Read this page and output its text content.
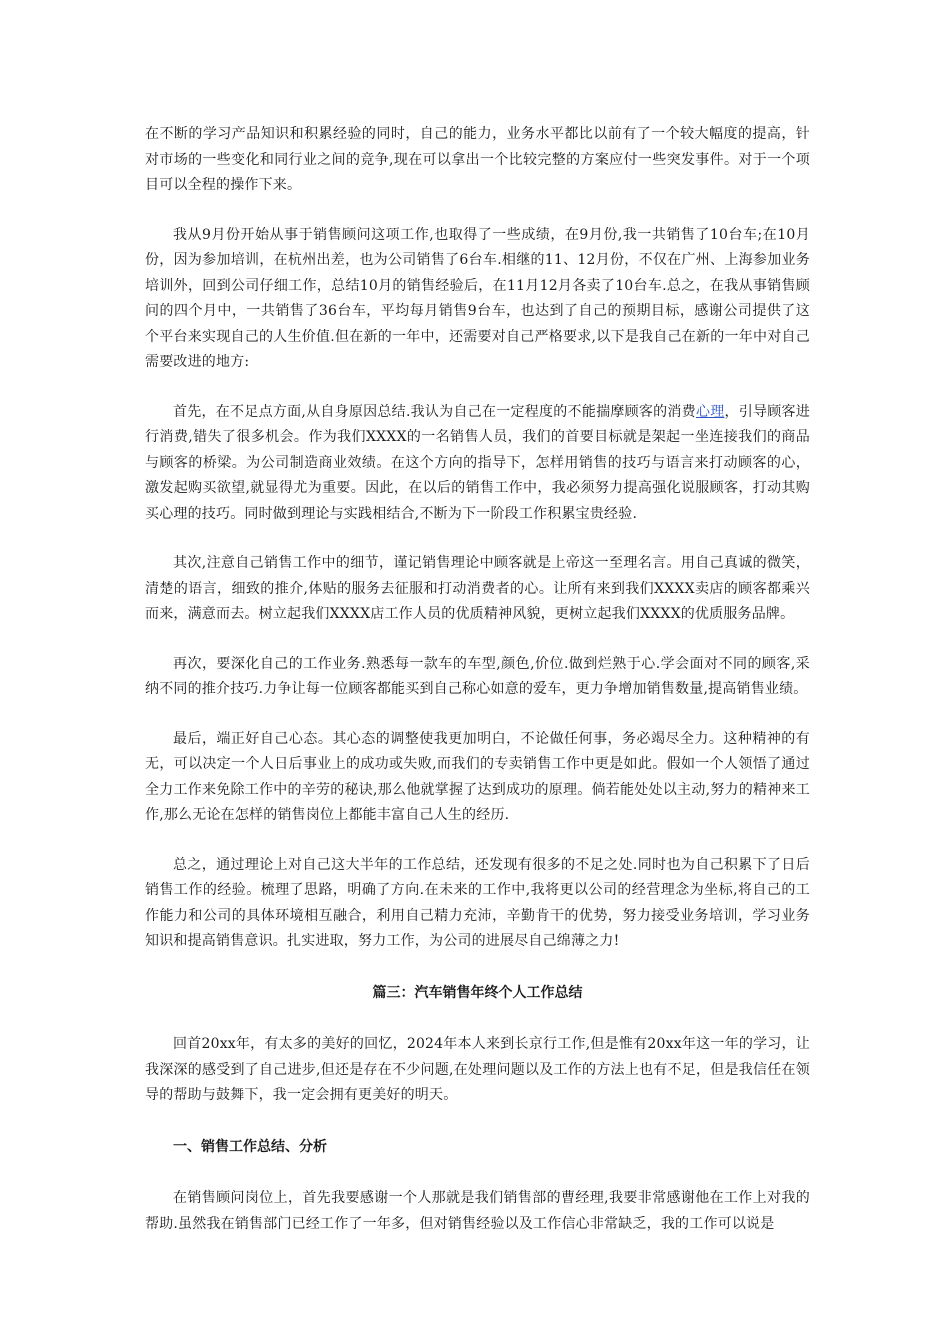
在不断的学习产品知识和积累经验的同时，自己的能力，业务水平都比以前有了一个较大幅度的提高，针对市场的一些变化和同行业之间的竞争,现在可以拿出一个比较完整的方案应付一些突发事件。对于一个项目可以全程的操作下来。

我从9月份开始从事于销售顾问这项工作,也取得了一些成绩，在9月份,我一共销售了10台车;在10月份，因为参加培训，在杭州出差，也为公司销售了6台车.相继的11、12月份，不仅在广州、上海参加业务培训外，回到公司仔细工作，总结10月的销售经验后，在11月12月各卖了10台车.总之，在我从事销售顾问的四个月中，一共销售了36台车，平均每月销售9台车，也达到了自己的预期目标，感谢公司提供了这个平台来实现自己的人生价值.但在新的一年中，还需要对自己严格要求,以下是我自己在新的一年中对自己需要改进的地方:

首先，在不足点方面,从自身原因总结.我认为自己在一定程度的不能揣摩顾客的消费心理，引导顾客进行消费,错失了很多机会。作为我们XXXX的一名销售人员，我们的首要目标就是架起一坐连接我们的商品与顾客的桥梁。为公司制造商业效绩。在这个方向的指导下，怎样用销售的技巧与语言来打动顾客的心，激发起购买欲望,就显得尤为重要。因此，在以后的销售工作中，我必须努力提高强化说服顾客，打动其购买心理的技巧。同时做到理论与实践相结合,不断为下一阶段工作积累宝贵经验.

其次,注意自己销售工作中的细节，谨记销售理论中顾客就是上帝这一至理名言。用自己真诚的微笑，清楚的语言，细致的推介,体贴的服务去征服和打动消费者的心。让所有来到我们XXXX卖店的顾客都乘兴而来，满意而去。树立起我们XXXX店工作人员的优质精神风貌，更树立起我们XXXX的优质服务品牌。

再次，要深化自己的工作业务.熟悉每一款车的车型,颜色,价位.做到烂熟于心.学会面对不同的顾客,采纳不同的推介技巧.力争让每一位顾客都能买到自己称心如意的爱车，更力争增加销售数量,提高销售业绩。

最后，端正好自己心态。其心态的调整使我更加明白，不论做任何事，务必竭尽全力。这种精神的有无，可以决定一个人日后事业上的成功或失败,而我们的专卖销售工作中更是如此。假如一个人领悟了通过全力工作来免除工作中的辛劳的秘诀,那么他就掌握了达到成功的原理。倘若能处处以主动,努力的精神来工作,那么无论在怎样的销售岗位上都能丰富自己人生的经历.

总之，通过理论上对自己这大半年的工作总结，还发现有很多的不足之处.同时也为自己积累下了日后销售工作的经验。梳理了思路，明确了方向.在未来的工作中,我将更以公司的经营理念为坐标,将自己的工作能力和公司的具体环境相互融合，利用自己精力充沛，辛勤肯干的优势，努力接受业务培训，学习业务知识和提高销售意识。扎实进取，努力工作，为公司的进展尽自己绵薄之力!

篇三：汽车销售年终个人工作总结

回首20xx年，有太多的美好的回忆，2024年本人来到长京行工作,但是惟有20xx年这一年的学习，让我深深的感受到了自己进步,但还是存在不少问题,在处理问题以及工作的方法上也有不足，但是我信任在领导的帮助与鼓舞下，我一定会拥有更美好的明天。

一、销售工作总结、分析

在销售顾问岗位上，首先我要感谢一个人那就是我们销售部的曹经理,我要非常感谢他在工作上对我的帮助.虽然我在销售部门已经工作了一年多，但对销售经验以及工作信心非常缺乏，我的工作可以说是
